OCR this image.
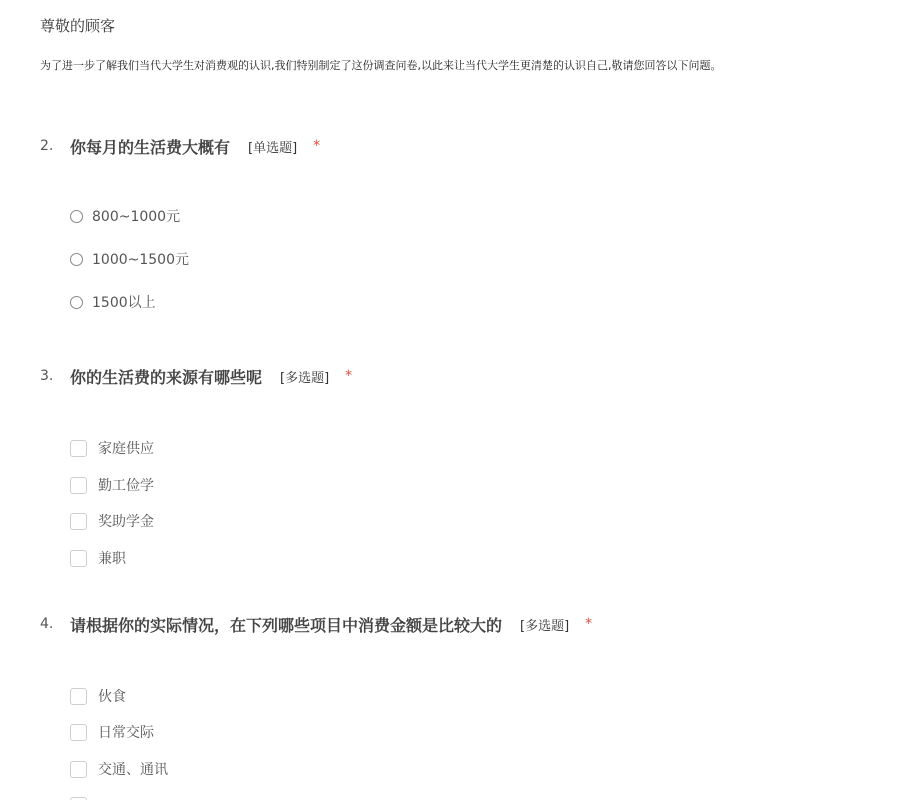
尊敬的顾客
为了进一步了解我们当代大学生对消费观的认识,我们特别制定了这份调查问卷,以此来让当代大学生更清楚的认识自己,敬请您回答以下问题。
2.	你每月的生活费大概有 [单选题] *
800~1000元
1000~1500元
1500以上
3.	你的生活费的来源有哪些呢 [多选题] *
家庭供应
勤工俭学
奖助学金
兼职
4.	请根据你的实际情况，在下列哪些项目中消费金额是比较大的 [多选题] *
伙食
日常交际
交通、通讯
